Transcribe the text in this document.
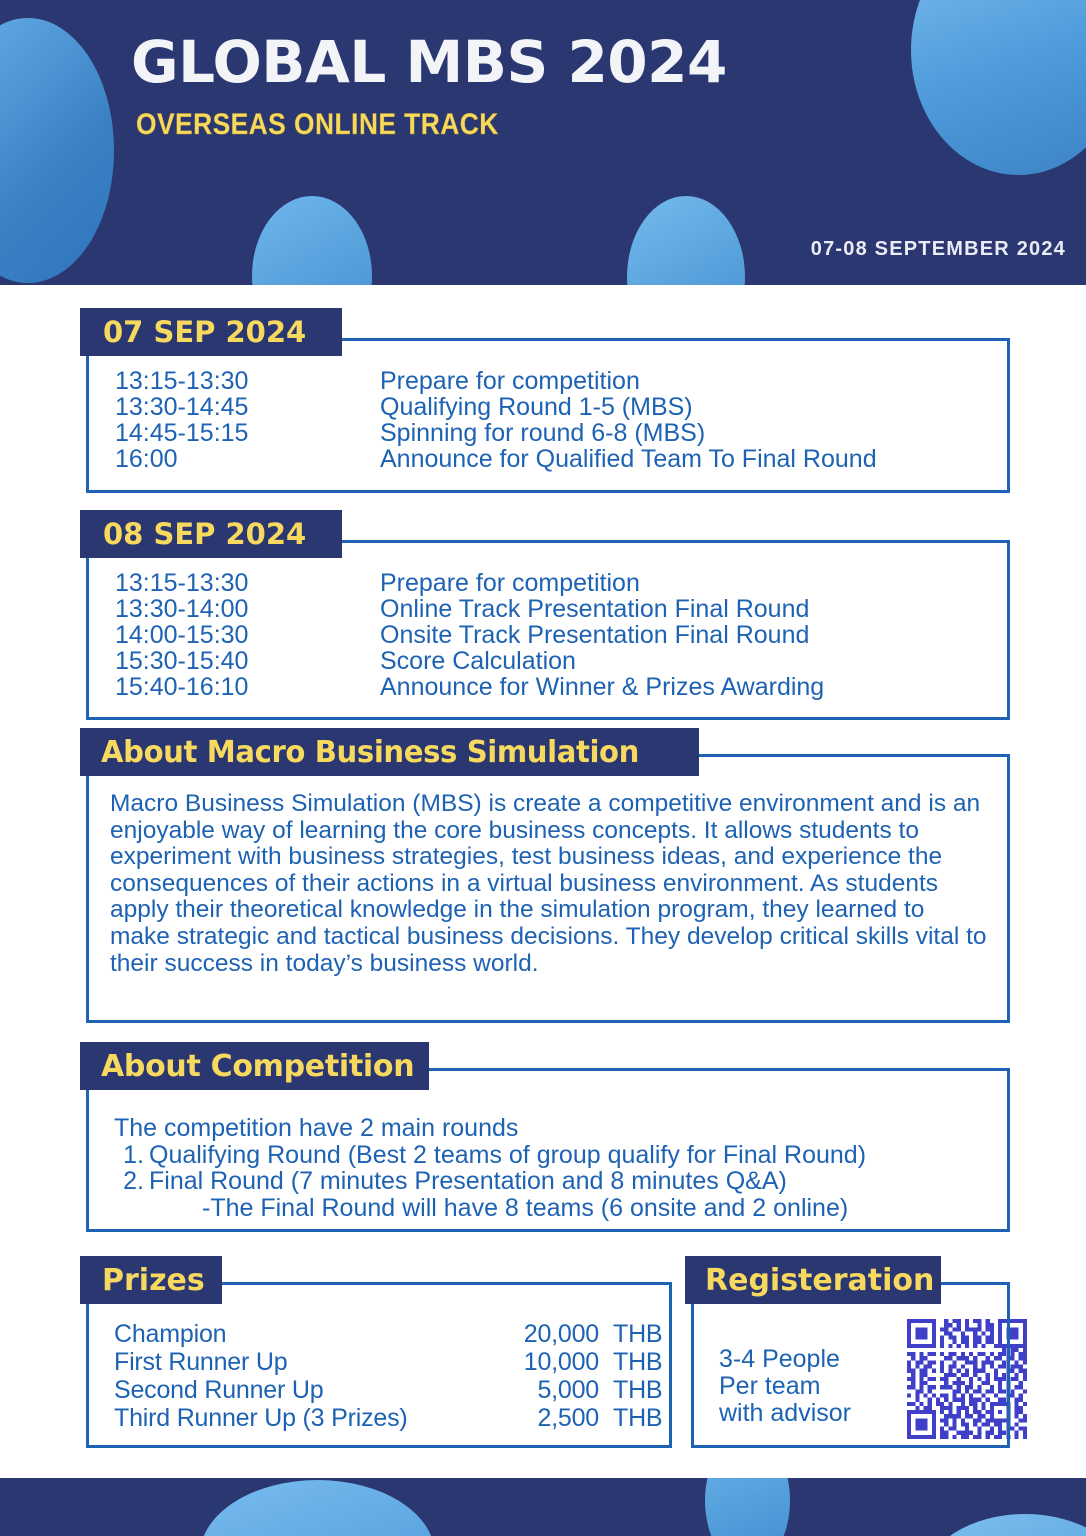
GLOBAL MBS 2024
OVERSEAS ONLINE TRACK
07-08 SEPTEMBER 2024
07 SEP 2024
13:15-13:30	Prepare for competition
13:30-14:45	Qualifying Round 1-5 (MBS)
14:45-15:15	Spinning for round 6-8 (MBS)
16:00	Announce for Qualified Team To Final Round
08 SEP 2024
13:15-13:30	Prepare for competition
13:30-14:00	Online Track Presentation Final Round
14:00-15:30	Onsite Track Presentation Final Round
15:30-15:40	Score Calculation
15:40-16:10	Announce for Winner & Prizes Awarding
About Macro Business Simulation
Macro Business Simulation (MBS) is create a competitive environment and is an enjoyable way of learning the core business concepts. It allows students to experiment with business strategies, test business ideas, and experience the consequences of their actions in a virtual business environment. As students apply their theoretical knowledge in the simulation program, they learned to make strategic and tactical business decisions. They develop critical skills vital to their success in today’s business world.
About Competition
The competition have 2 main rounds
1. Qualifying Round (Best 2 teams of group qualify for Final Round)
2. Final Round (7 minutes Presentation and 8 minutes Q&A)
-The Final Round will have 8 teams (6 onsite and 2 online)
Prizes
Champion	20,000 THB
First Runner Up	10,000 THB
Second Runner Up	5,000 THB
Third Runner Up (3 Prizes)	2,500 THB
Registeration
3-4 People
Per team
with advisor
